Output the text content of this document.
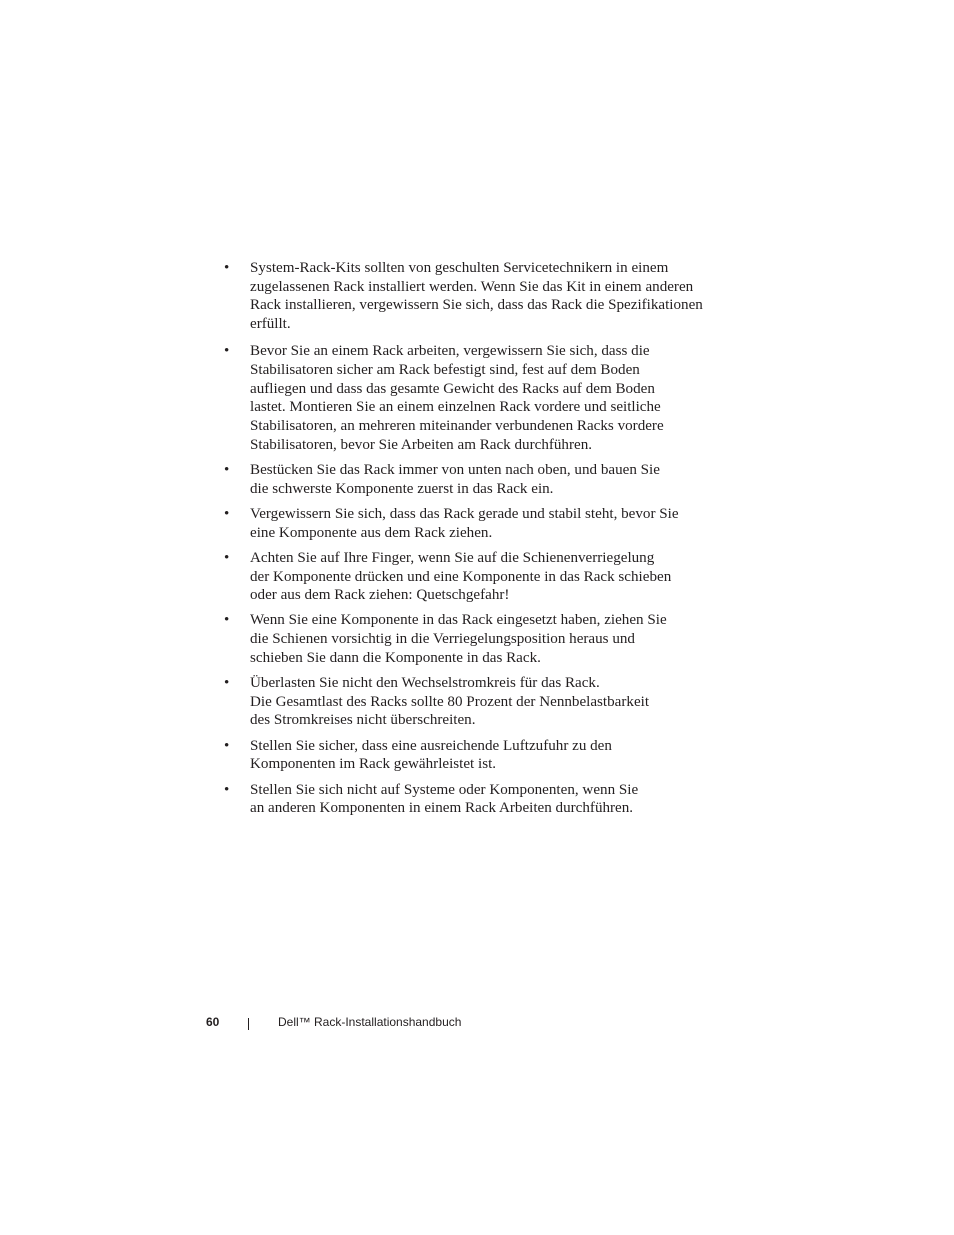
• System-Rack-Kits sollten von geschulten Servicetechnikern in einem
zugelassenen Rack installiert werden. Wenn Sie das Kit in einem anderen
Rack installieren, vergewissern Sie sich, dass das Rack die Spezifikationen
erfüllt.
• Bevor Sie an einem Rack arbeiten, vergewissern Sie sich, dass die
Stabilisatoren sicher am Rack befestigt sind, fest auf dem Boden
aufliegen und dass das gesamte Gewicht des Racks auf dem Boden
lastet. Montieren Sie an einem einzelnen Rack vordere und seitliche
Stabilisatoren, an mehreren miteinander verbundenen Racks vordere
Stabilisatoren, bevor Sie Arbeiten am Rack durchführen.
• Bestücken Sie das Rack immer von unten nach oben, und bauen Sie
die schwerste Komponente zuerst in das Rack ein.
• Vergewissern Sie sich, dass das Rack gerade und stabil steht, bevor Sie
eine Komponente aus dem Rack ziehen.
• Achten Sie auf Ihre Finger, wenn Sie auf die Schienenverriegelung
der Komponente drücken und eine Komponente in das Rack schieben
oder aus dem Rack ziehen: Quetschgefahr!
• Wenn Sie eine Komponente in das Rack eingesetzt haben, ziehen Sie
die Schienen vorsichtig in die Verriegelungsposition heraus und
schieben Sie dann die Komponente in das Rack.
• Überlasten Sie nicht den Wechselstromkreis für das Rack.
Die Gesamtlast des Racks sollte 80 Prozent der Nennbelastbarkeit
des Stromkreises nicht überschreiten.
• Stellen Sie sicher, dass eine ausreichende Luftzufuhr zu den
Komponenten im Rack gewährleistet ist.
• Stellen Sie sich nicht auf Systeme oder Komponenten, wenn Sie
an anderen Komponenten in einem Rack Arbeiten durchführen.
60	Dell™ Rack-Installationshandbuch
